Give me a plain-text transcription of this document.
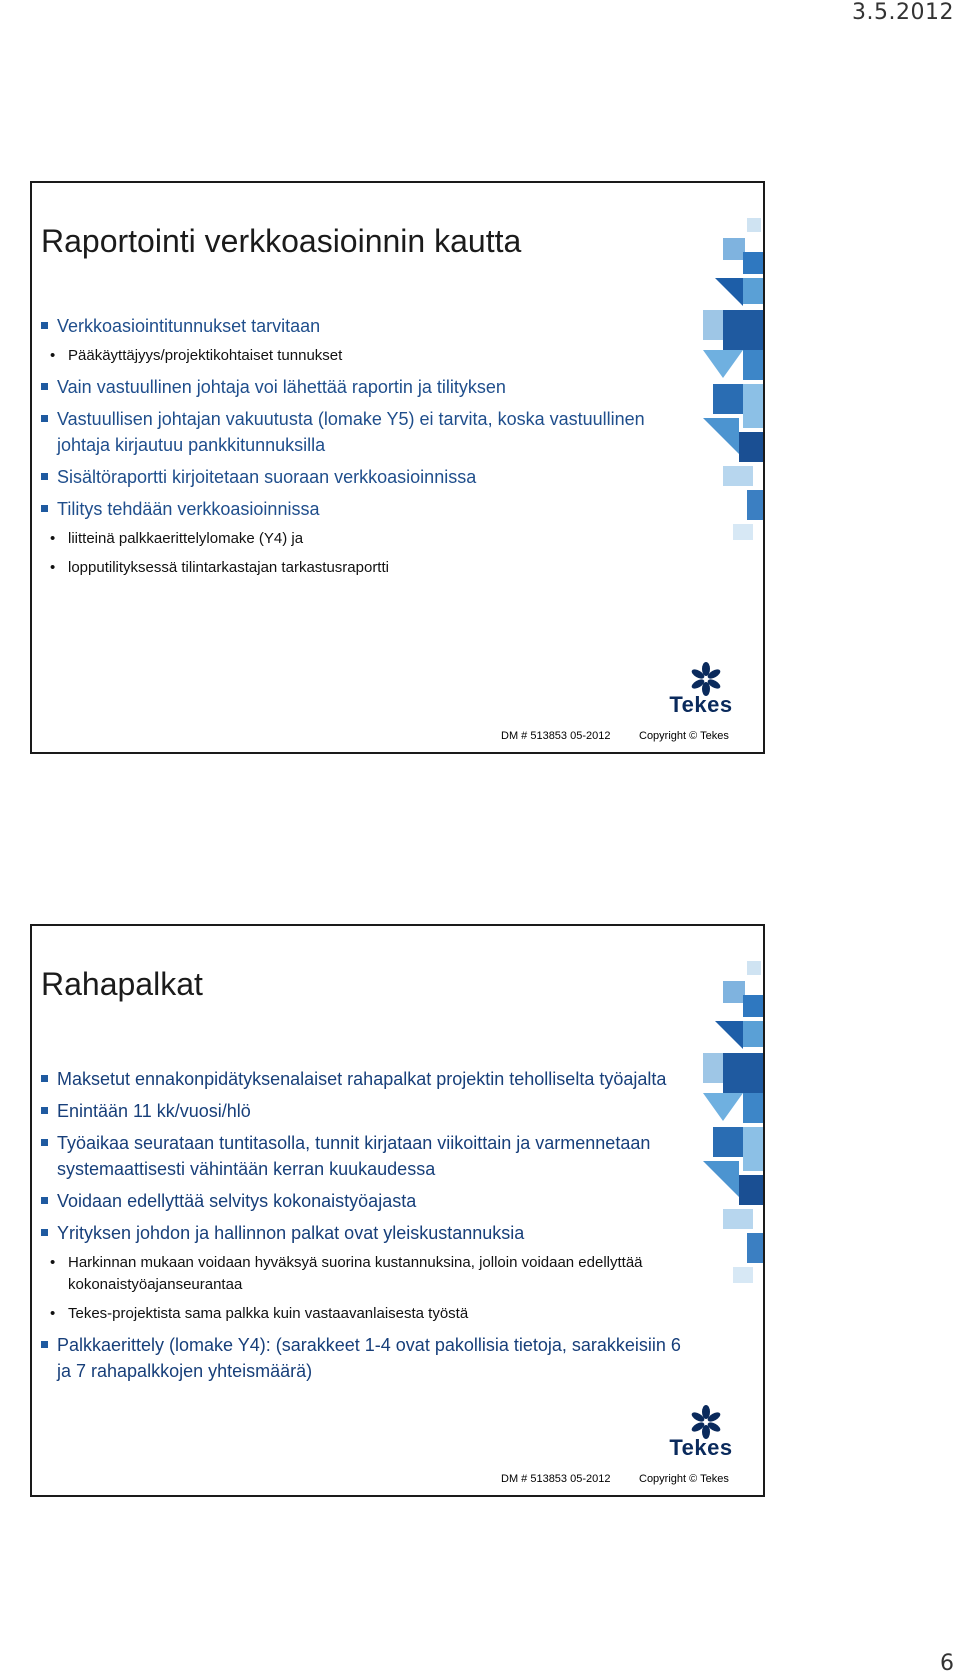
3.5.2012
Raportointi verkkoasioinnin kautta
Verkkoasiointitunnukset tarvitaan
• Pääkäyttäjyys/projektikohtaiset tunnukset
Vain vastuullinen johtaja voi lähettää raportin ja tilityksen
Vastuullisen johtajan vakuutusta (lomake Y5) ei tarvita, koska vastuullinen johtaja kirjautuu pankkitunnuksilla
Sisältöraportti kirjoitetaan suoraan verkkoasioinnissa
Tilitys tehdään verkkoasioinnissa
• liitteinä palkkaerittelylomake (Y4) ja
• lopputilityksessä tilintarkastajan tarkastusraportti
Tekes
DM # 513853 05-2012	Copyright © Tekes
Rahapalkat
Maksetut ennakonpidätyksenalaiset rahapalkat projektin teholliselta työajalta
Enintään 11 kk/vuosi/hlö
Työaikaa seurataan tuntitasolla, tunnit kirjataan viikoittain ja varmennetaan systemaattisesti vähintään kerran kuukaudessa
Voidaan edellyttää selvitys kokonaistyöajasta
Yrityksen johdon ja hallinnon palkat ovat yleiskustannuksia
• Harkinnan mukaan voidaan hyväksyä suorina kustannuksina, jolloin voidaan edellyttää kokonaistyöajanseurantaa
• Tekes-projektista sama palkka kuin vastaavanlaisesta työstä
Palkkaerittely (lomake Y4): (sarakkeet 1-4 ovat pakollisia tietoja, sarakkeisiin 6 ja 7 rahapalkkojen yhteismäärä)
Tekes
DM # 513853 05-2012	Copyright © Tekes
6
